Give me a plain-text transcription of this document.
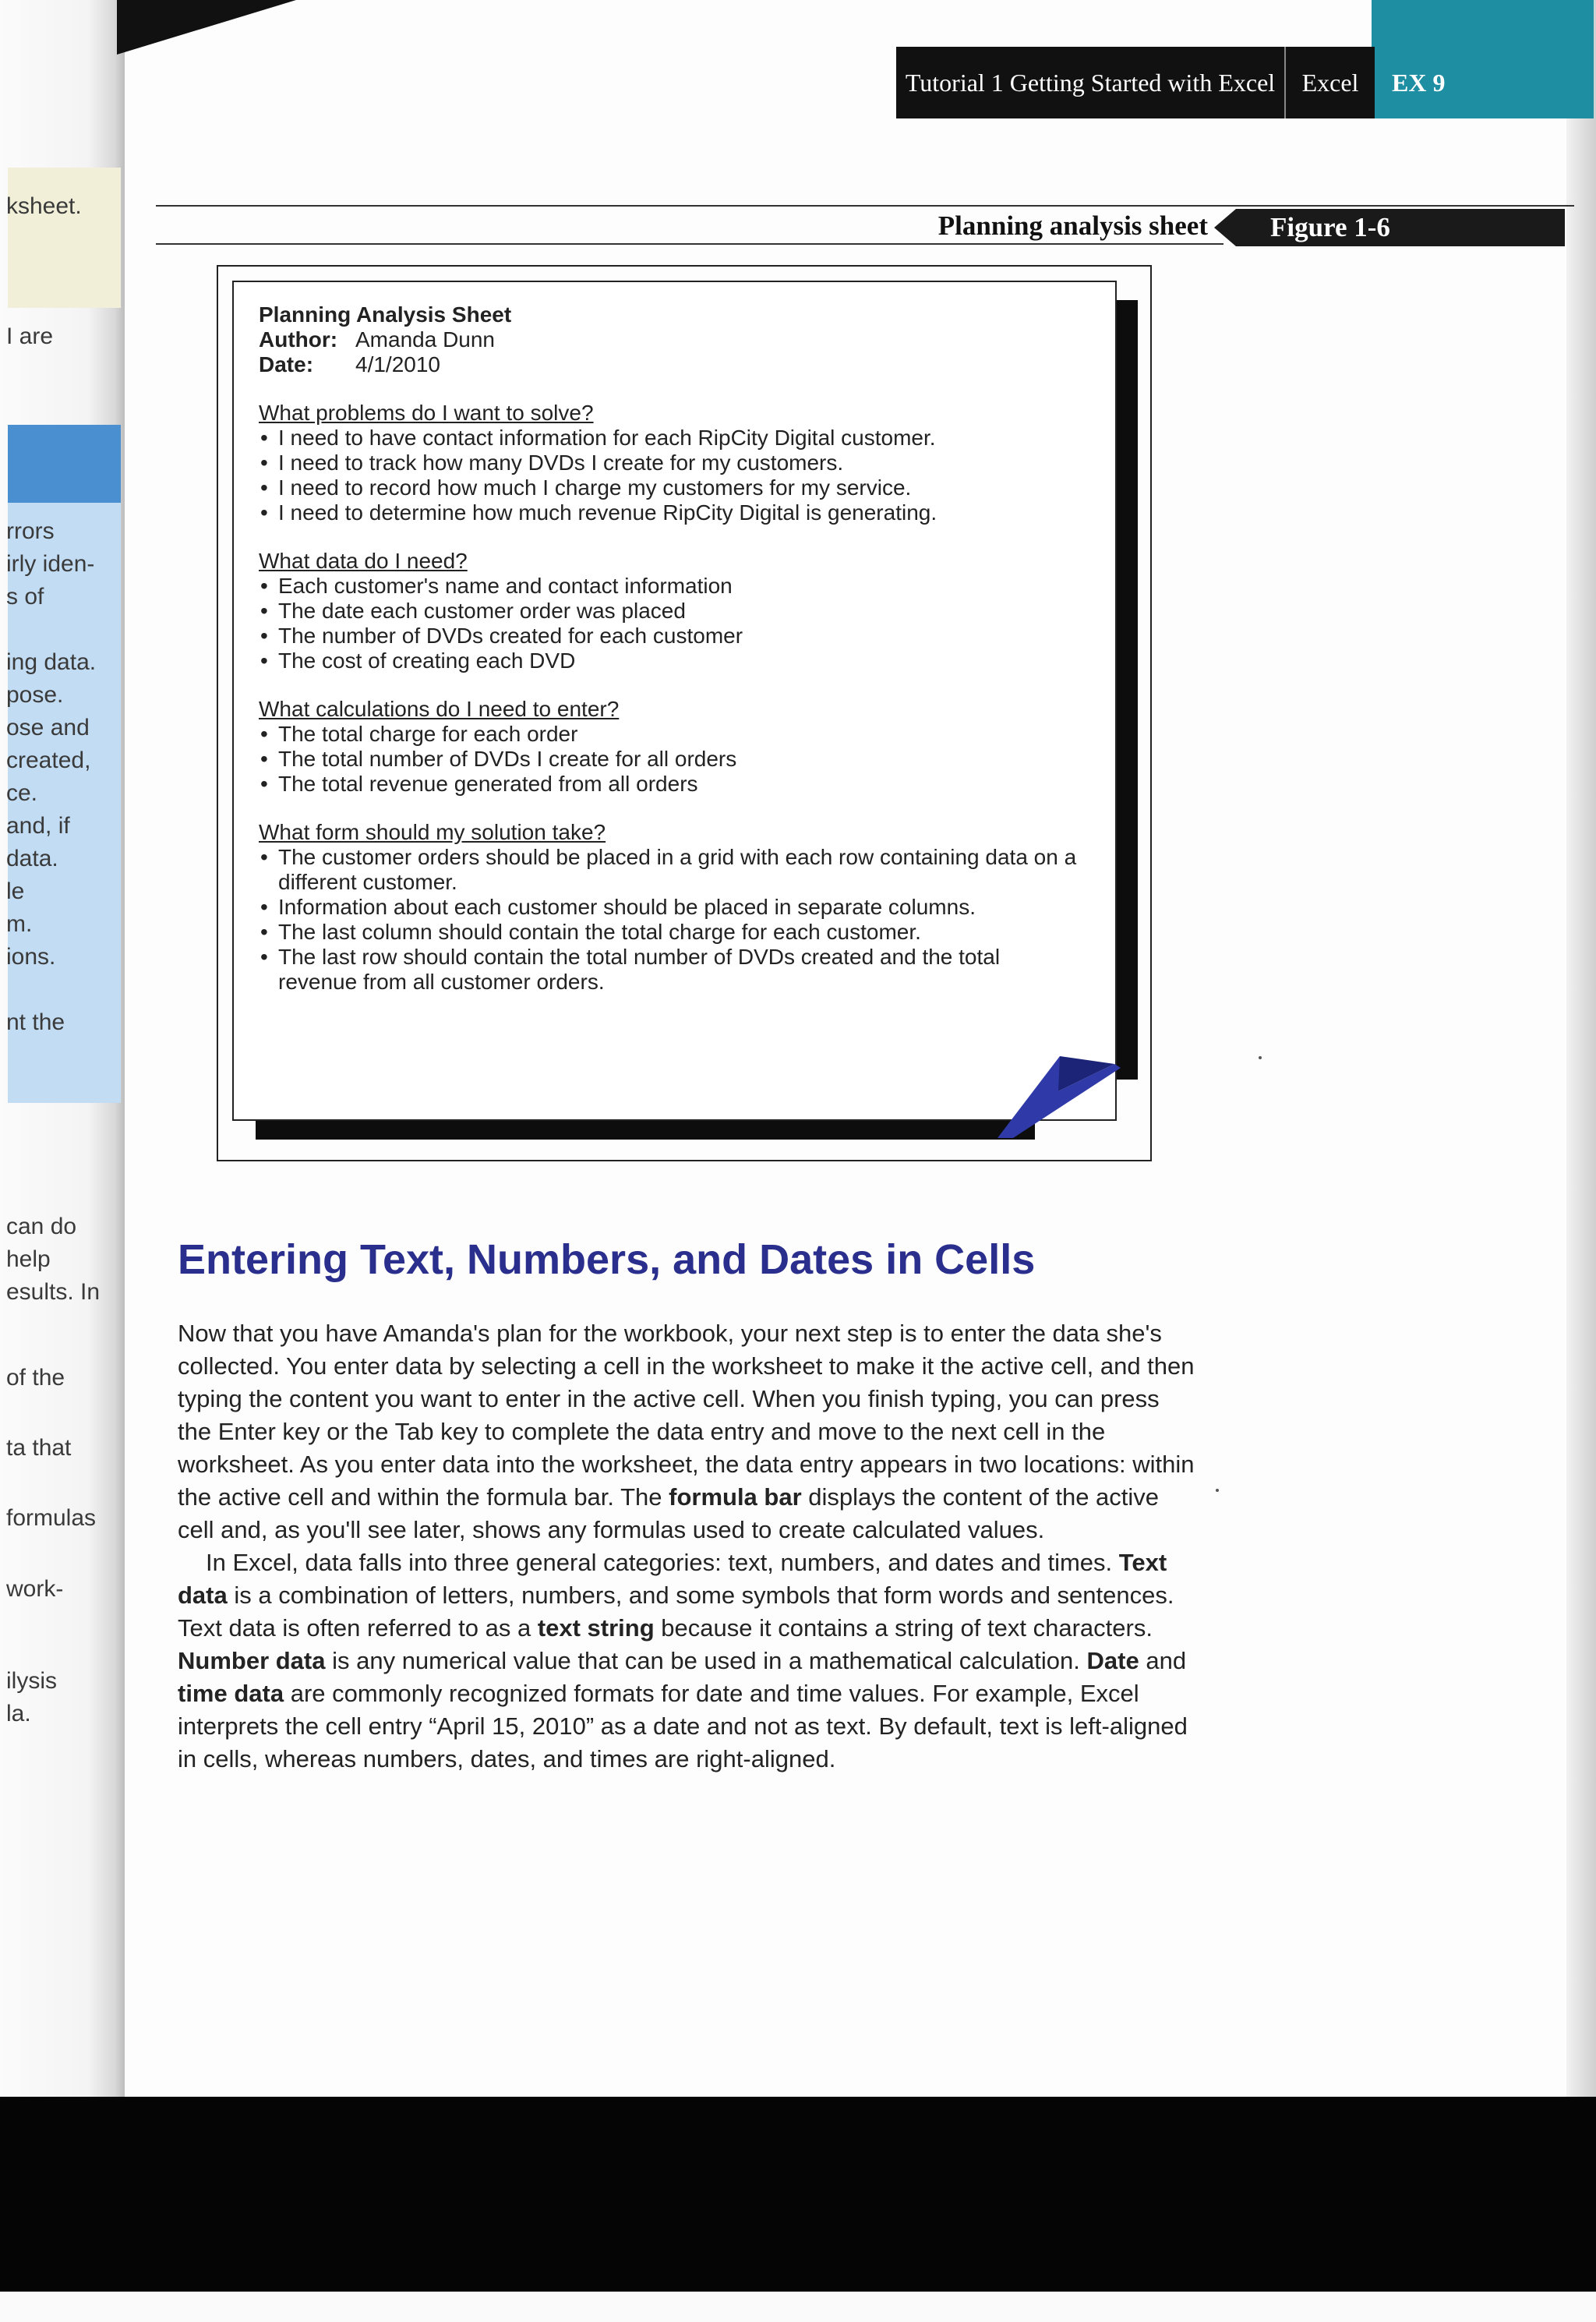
ksheet.
I are
rrors
irly iden-
s of
ing data.
pose.
ose and
created,
ce.
and, if
data.
le
m.
ions.
nt the
can do
help
esults. In
of the
ta that
formulas
work-
ilysis
la.
Tutorial 1 Getting Started with Excel	Excel	EX 9
Planning analysis sheet Figure 1-6
Planning Analysis Sheet
Author: Amanda Dunn
Date: 4/1/2010
What problems do I want to solve?
• I need to have contact information for each RipCity Digital customer.
• I need to track how many DVDs I create for my customers.
• I need to record how much I charge my customers for my service.
• I need to determine how much revenue RipCity Digital is generating.
What data do I need?
• Each customer's name and contact information
• The date each customer order was placed
• The number of DVDs created for each customer
• The cost of creating each DVD
What calculations do I need to enter?
• The total charge for each order
• The total number of DVDs I create for all orders
• The total revenue generated from all orders
What form should my solution take?
• The customer orders should be placed in a grid with each row containing data on a different customer.
• Information about each customer should be placed in separate columns.
• The last column should contain the total charge for each customer.
• The last row should contain the total number of DVDs created and the total revenue from all customer orders.
Entering Text, Numbers, and Dates in Cells

Now that you have Amanda's plan for the workbook, your next step is to enter the data she's collected. You enter data by selecting a cell in the worksheet to make it the active cell, and then typing the content you want to enter in the active cell. When you finish typing, you can press the Enter key or the Tab key to complete the data entry and move to the next cell in the worksheet. As you enter data into the worksheet, the data entry appears in two locations: within the active cell and within the formula bar. The formula bar displays the content of the active cell and, as you'll see later, shows any formulas used to create calculated values.

In Excel, data falls into three general categories: text, numbers, and dates and times. Text data is a combination of letters, numbers, and some symbols that form words and sentences. Text data is often referred to as a text string because it contains a string of text characters. Number data is any numerical value that can be used in a mathematical calculation. Date and time data are commonly recognized formats for date and time values. For example, Excel interprets the cell entry “April 15, 2010” as a date and not as text. By default, text is left-aligned in cells, whereas numbers, dates, and times are right-aligned.
